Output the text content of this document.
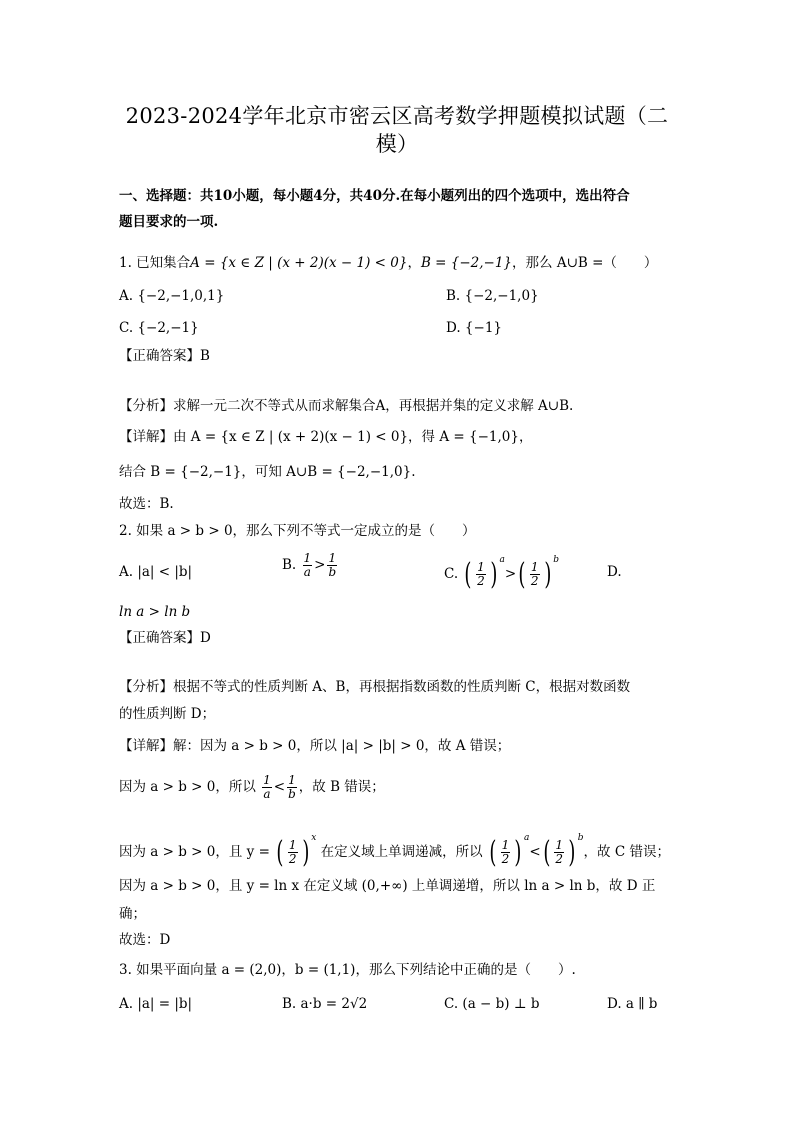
2023-2024学年北京市密云区高考数学押题模拟试题（二
模）
一、选择题：共10小题，每小题4分，共40分.在每小题列出的四个选项中，选出符合
题目要求的一项.
1. 已知集合A = {x ∈ Z | (x + 2)(x − 1) < 0}，B = {−2,−1}，那么 A∪B =（　　）
A. {−2,−1,0,1}	B. {−2,−1,0}
C. {−2,−1}	D. {−1}
【正确答案】B
【分析】求解一元二次不等式从而求解集合A，再根据并集的定义求解 A∪B.
【详解】由 A = {x ∈ Z | (x + 2)(x − 1) < 0}，得 A = {−1,0}，
结合 B = {−2,−1}，可知 A∪B = {−2,−1,0}.
故选：B.
2. 如果 a > b > 0，那么下列不等式一定成立的是（　　）
A. |a| < |b|	B. $\frac{1}{a} > \frac{1}{b}$	C. ( $\frac{1}{2}$ ) $^a>( \frac{1}{2}$ ) $^b$
D.
ln a > ln b
【正确答案】D
【分析】根据不等式的性质判断 A、B，再根据指数函数的性质判断 C，根据对数函数
的性质判断 D；
【详解】解：因为 a > b > 0，所以 |a| > |b| > 0，故 A 错误；
因为 a > b > 0，所以 $\frac{1}{a} < \frac{1}{b}$ ，故 B 错误；
因为 a > b > 0，且 y = ( $\frac{1}{2}$ ) $^x$ 在定义域上单调递减，所以 ( $\frac{1}{2}$ ) $^a<( \frac{1}{2}$ ) $^b$，故 C 错误；
因为 a > b > 0，且 y = ln x 在定义域 (0,+∞) 上单调递增，所以 ln a > ln b，故 D 正
确；
故选：D
3. 如果平面向量 a = (2,0)，b = (1,1)，那么下列结论中正确的是（　　）.
A. |a| = |b|	B. a·b = 2√2	C. (a − b) ⊥ b	D. a ∥ b
